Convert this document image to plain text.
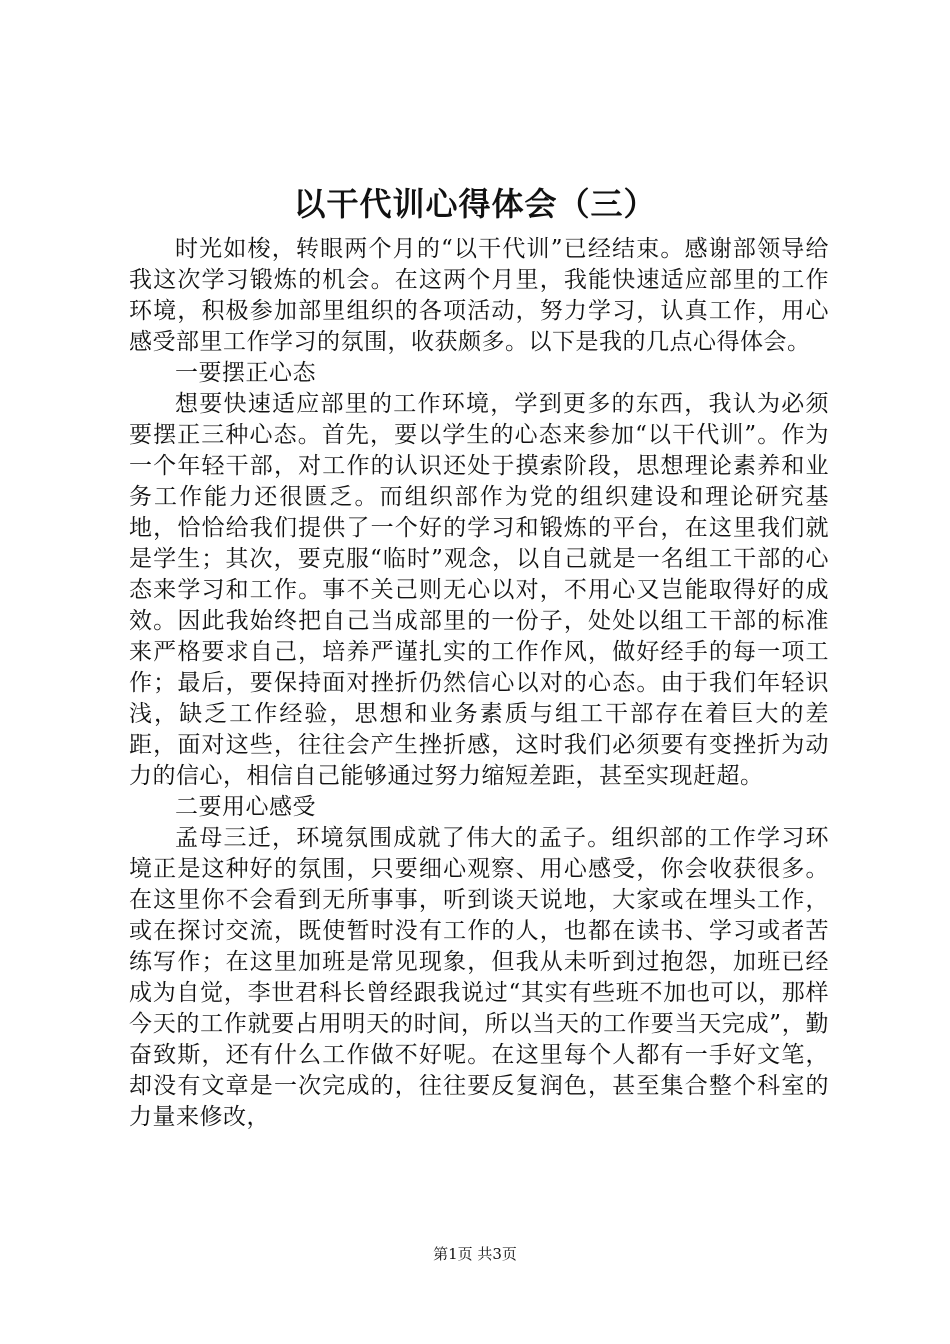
以干代训心得体会（三）

时光如梭，转眼两个月的“以干代训”已经结束。感谢部领导给我这次学习锻炼的机会。在这两个月里，我能快速适应部里的工作环境，积极参加部里组织的各项活动，努力学习，认真工作，用心感受部里工作学习的氛围，收获颇多。以下是我的几点心得体会。

一要摆正心态

想要快速适应部里的工作环境，学到更多的东西，我认为必须要摆正三种心态。首先，要以学生的心态来参加“以干代训”。作为一个年轻干部，对工作的认识还处于摸索阶段，思想理论素养和业务工作能力还很匮乏。而组织部作为党的组织建设和理论研究基地，恰恰给我们提供了一个好的学习和锻炼的平台，在这里我们就是学生；其次，要克服“临时”观念，以自己就是一名组工干部的心态来学习和工作。事不关己则无心以对，不用心又岂能取得好的成效。因此我始终把自己当成部里的一份子，处处以组工干部的标准来严格要求自己，培养严谨扎实的工作作风，做好经手的每一项工作；最后，要保持面对挫折仍然信心以对的心态。由于我们年轻识浅，缺乏工作经验，思想和业务素质与组工干部存在着巨大的差距，面对这些，往往会产生挫折感，这时我们必须要有变挫折为动力的信心，相信自己能够通过努力缩短差距，甚至实现赶超。

二要用心感受

孟母三迁，环境氛围成就了伟大的孟子。组织部的工作学习环境正是这种好的氛围，只要细心观察、用心感受，你会收获很多。在这里你不会看到无所事事，听到谈天说地，大家或在埋头工作，或在探讨交流，既使暂时没有工作的人，也都在读书、学习或者苦练写作；在这里加班是常见现象，但我从未听到过抱怨，加班已经成为自觉，李世君科长曾经跟我说过“其实有些班不加也可以，那样今天的工作就要占用明天的时间，所以当天的工作要当天完成”，勤奋致斯，还有什么工作做不好呢。在这里每个人都有一手好文笔，却没有文章是一次完成的，往往要反复润色，甚至集合整个科室的力量来修改，

第1页 共3页
